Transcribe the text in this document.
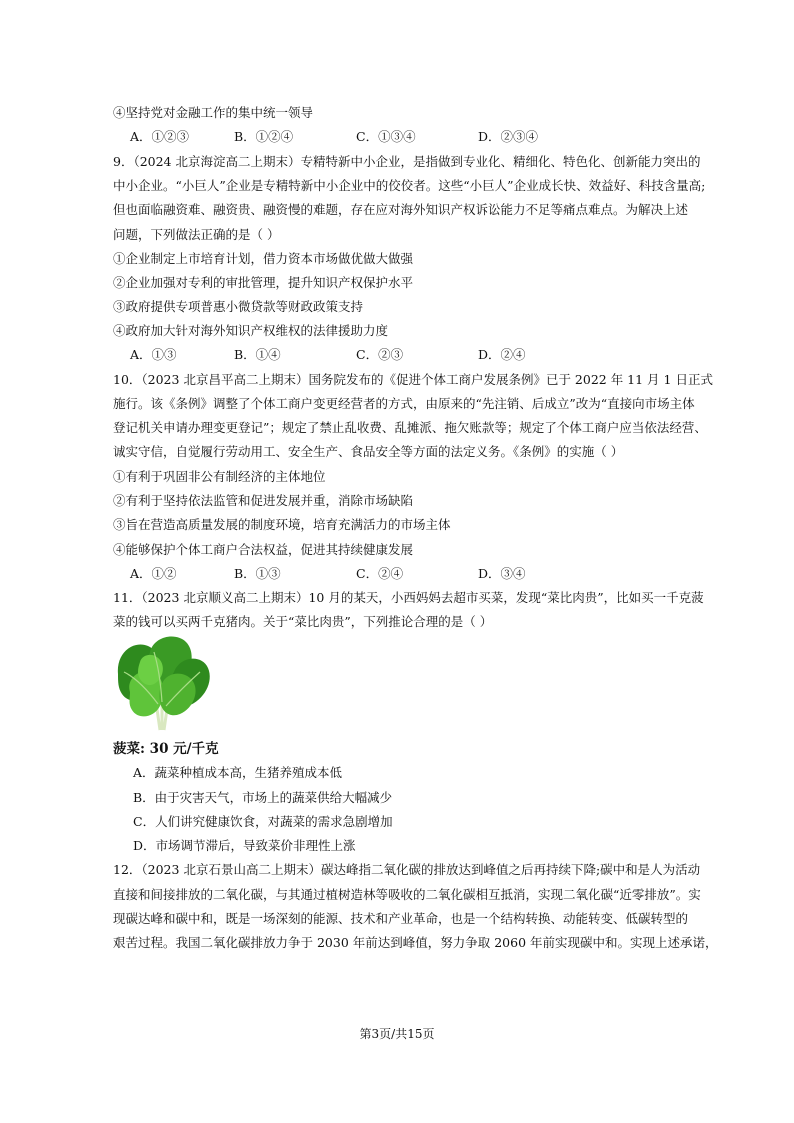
④坚持党对金融工作的集中统一领导
A．①②③	B．①②④	C．①③④	D．②③④
9．（2024 北京海淀高二上期末）专精特新中小企业，是指做到专业化、精细化、特色化、创新能力突出的
中小企业。“小巨人”企业是专精特新中小企业中的佼佼者。这些“小巨人”企业成长快、效益好、科技含量高;
但也面临融资难、融资贵、融资慢的难题，存在应对海外知识产权诉讼能力不足等痛点难点。为解决上述
问题，下列做法正确的是（ ）
①企业制定上市培育计划，借力资本市场做优做大做强
②企业加强对专利的审批管理，提升知识产权保护水平
③政府提供专项普惠小微贷款等财政政策支持
④政府加大针对海外知识产权维权的法律援助力度
A．①③	B．①④	C．②③	D．②④
10．（2023 北京昌平高二上期末）国务院发布的《促进个体工商户发展条例》已于 2022 年 11 月 1 日正式
施行。该《条例》调整了个体工商户变更经营者的方式，由原来的“先注销、后成立”改为“直接向市场主体
登记机关申请办理变更登记”；规定了禁止乱收费、乱摊派、拖欠账款等；规定了个体工商户应当依法经营、
诚实守信，自觉履行劳动用工、安全生产、食品安全等方面的法定义务。《条例》的实施（ ）
①有利于巩固非公有制经济的主体地位
②有利于坚持依法监管和促进发展并重，消除市场缺陷
③旨在营造高质量发展的制度环境，培育充满活力的市场主体
④能够保护个体工商户合法权益，促进其持续健康发展
A．①②	B．①③	C．②④	D．③④
11．（2023 北京顺义高二上期末）10 月的某天，小西妈妈去超市买菜，发现“菜比肉贵”，比如买一千克菠
菜的钱可以买两千克猪肉。关于“菜比肉贵”，下列推论合理的是（ ）
菠菜: 30 元/千克
A．蔬菜种植成本高，生猪养殖成本低
B．由于灾害天气，市场上的蔬菜供给大幅减少
C．人们讲究健康饮食，对蔬菜的需求急剧增加
D．市场调节滞后，导致菜价非理性上涨
12．（2023 北京石景山高二上期末）碳达峰指二氧化碳的排放达到峰值之后再持续下降;碳中和是人为活动
直接和间接排放的二氧化碳，与其通过植树造林等吸收的二氧化碳相互抵消，实现二氧化碳“近零排放”。实
现碳达峰和碳中和，既是一场深刻的能源、技术和产业革命，也是一个结构转换、动能转变、低碳转型的
艰苦过程。我国二氧化碳排放力争于 2030 年前达到峰值，努力争取 2060 年前实现碳中和。实现上述承诺，
第3页/共15页
